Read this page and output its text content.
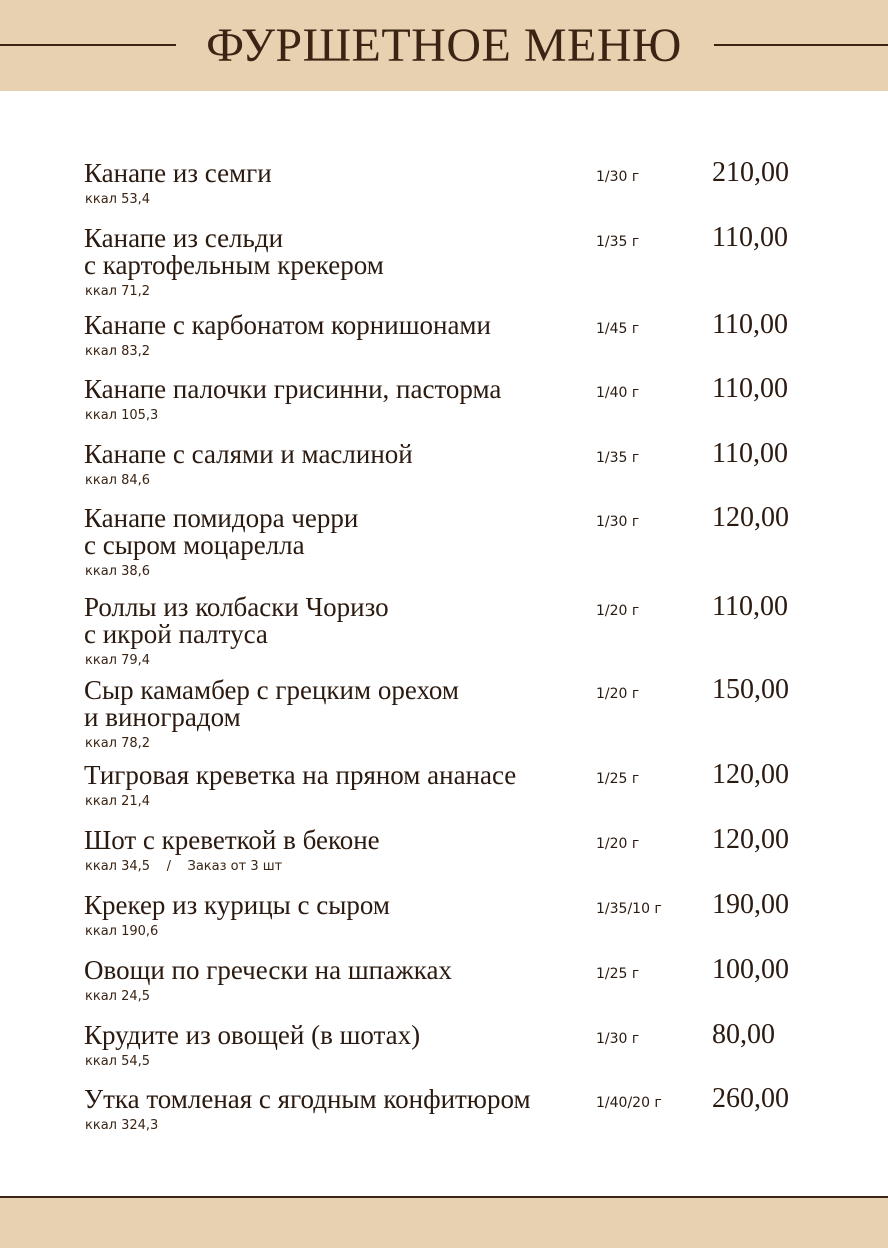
ФУРШЕТНОЕ МЕНЮ
Канапе из семги
ккал 53,4
1/30 г	210,00
Канапе из сельди
с картофельным крекером
ккал 71,2
1/35 г	110,00
Канапе с карбонатом корнишонами
ккал 83,2
1/45 г	110,00
Канапе палочки грисинни, пасторма
ккал 105,3
1/40 г	110,00
Канапе с салями и маслиной
ккал 84,6
1/35 г	110,00
Канапе помидора черри
с сыром моцарелла
ккал 38,6
1/30 г	120,00
Роллы из колбаски Чоризо
с икрой палтуса
ккал 79,4
1/20 г	110,00
Сыр камамбер с грецким орехом
и виноградом
ккал 78,2
1/20 г	150,00
Тигровая креветка на пряном ананасе
ккал 21,4
1/25 г	120,00
Шот с креветкой в беконе
ккал 34,5    /    Заказ от 3 шт
1/20 г	120,00
Крекер из курицы с сыром
ккал 190,6
1/35/10 г 190,00
Овощи по гречески на шпажках
ккал 24,5
1/25 г	100,00
Крудите из овощей (в шотах)
ккал 54,5
1/30 г	80,00
Утка томленая с ягодным конфитюром
ккал 324,3
1/40/20 г 260,00
